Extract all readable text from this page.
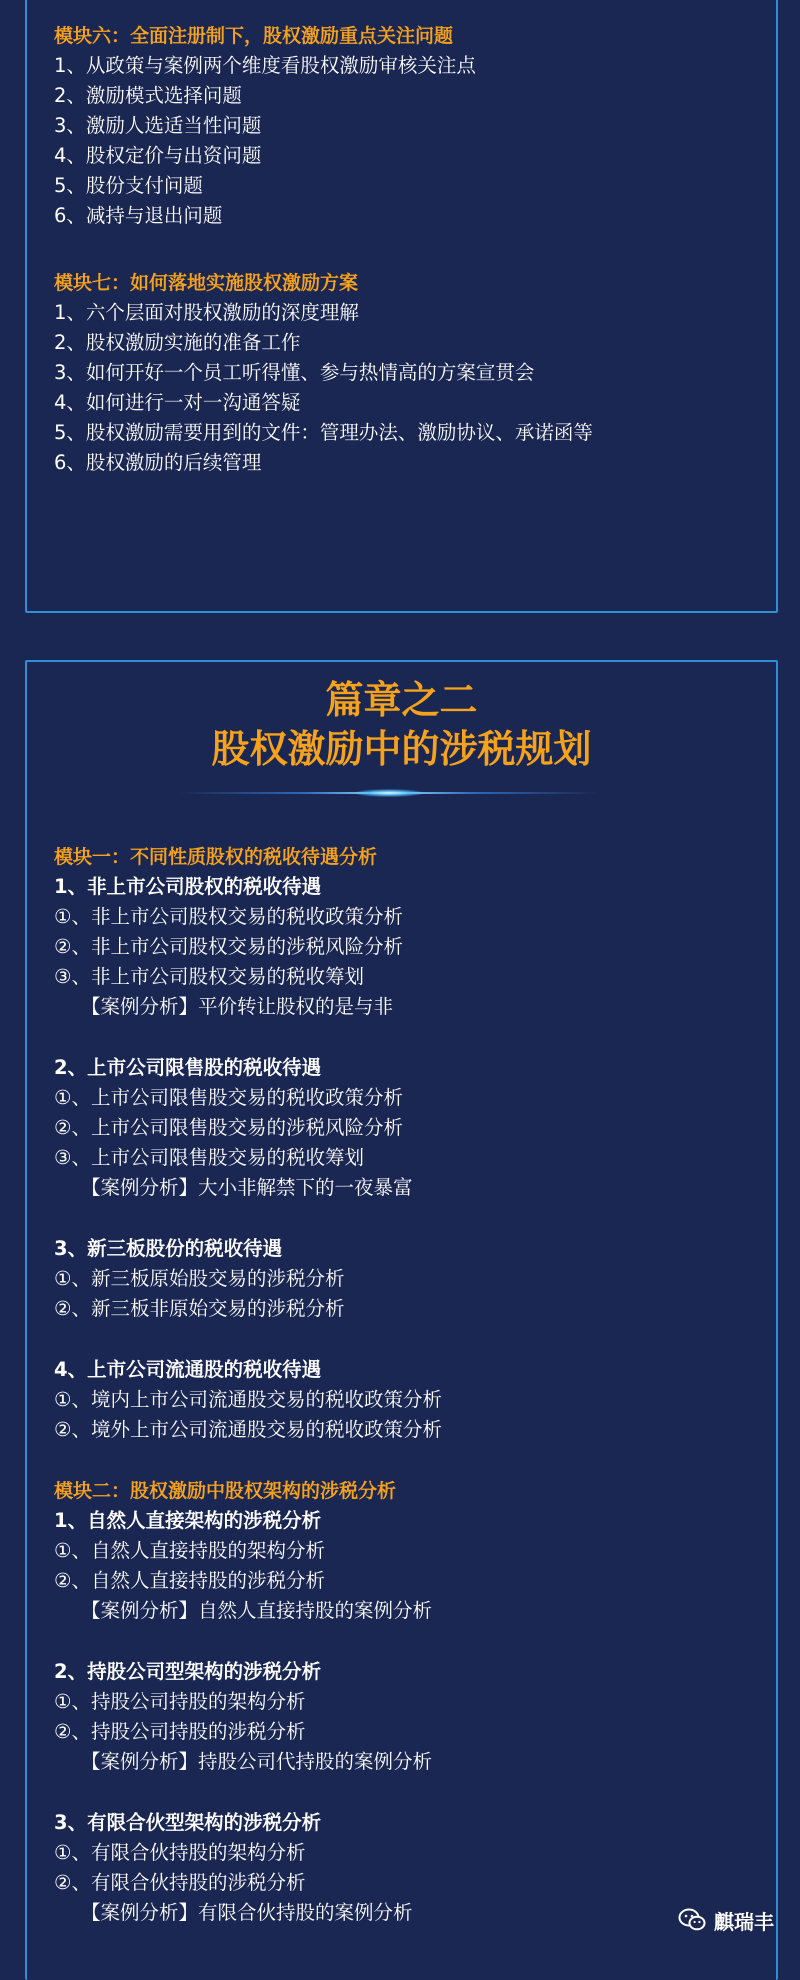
模块六：全面注册制下，股权激励重点关注问题
1、从政策与案例两个维度看股权激励审核关注点
2、激励模式选择问题
3、激励人选适当性问题
4、股权定价与出资问题
5、股份支付问题
6、减持与退出问题
模块七：如何落地实施股权激励方案
1、六个层面对股权激励的深度理解
2、股权激励实施的准备工作
3、如何开好一个员工听得懂、参与热情高的方案宣贯会
4、如何进行一对一沟通答疑
5、股权激励需要用到的文件：管理办法、激励协议、承诺函等
6、股权激励的后续管理
篇章之二
股权激励中的涉税规划
模块一：不同性质股权的税收待遇分析
1、非上市公司股权的税收待遇
①、非上市公司股权交易的税收政策分析
②、非上市公司股权交易的涉税风险分析
③、非上市公司股权交易的税收筹划
【案例分析】平价转让股权的是与非
2、上市公司限售股的税收待遇
①、上市公司限售股交易的税收政策分析
②、上市公司限售股交易的涉税风险分析
③、上市公司限售股交易的税收筹划
【案例分析】大小非解禁下的一夜暴富
3、新三板股份的税收待遇
①、新三板原始股交易的涉税分析
②、新三板非原始交易的涉税分析
4、上市公司流通股的税收待遇
①、境内上市公司流通股交易的税收政策分析
②、境外上市公司流通股交易的税收政策分析
模块二：股权激励中股权架构的涉税分析
1、自然人直接架构的涉税分析
①、自然人直接持股的架构分析
②、自然人直接持股的涉税分析
【案例分析】自然人直接持股的案例分析
2、持股公司型架构的涉税分析
①、持股公司持股的架构分析
②、持股公司持股的涉税分析
【案例分析】持股公司代持股的案例分析
3、有限合伙型架构的涉税分析
①、有限合伙持股的架构分析
②、有限合伙持股的涉税分析
【案例分析】有限合伙持股的案例分析	麒瑞丰
